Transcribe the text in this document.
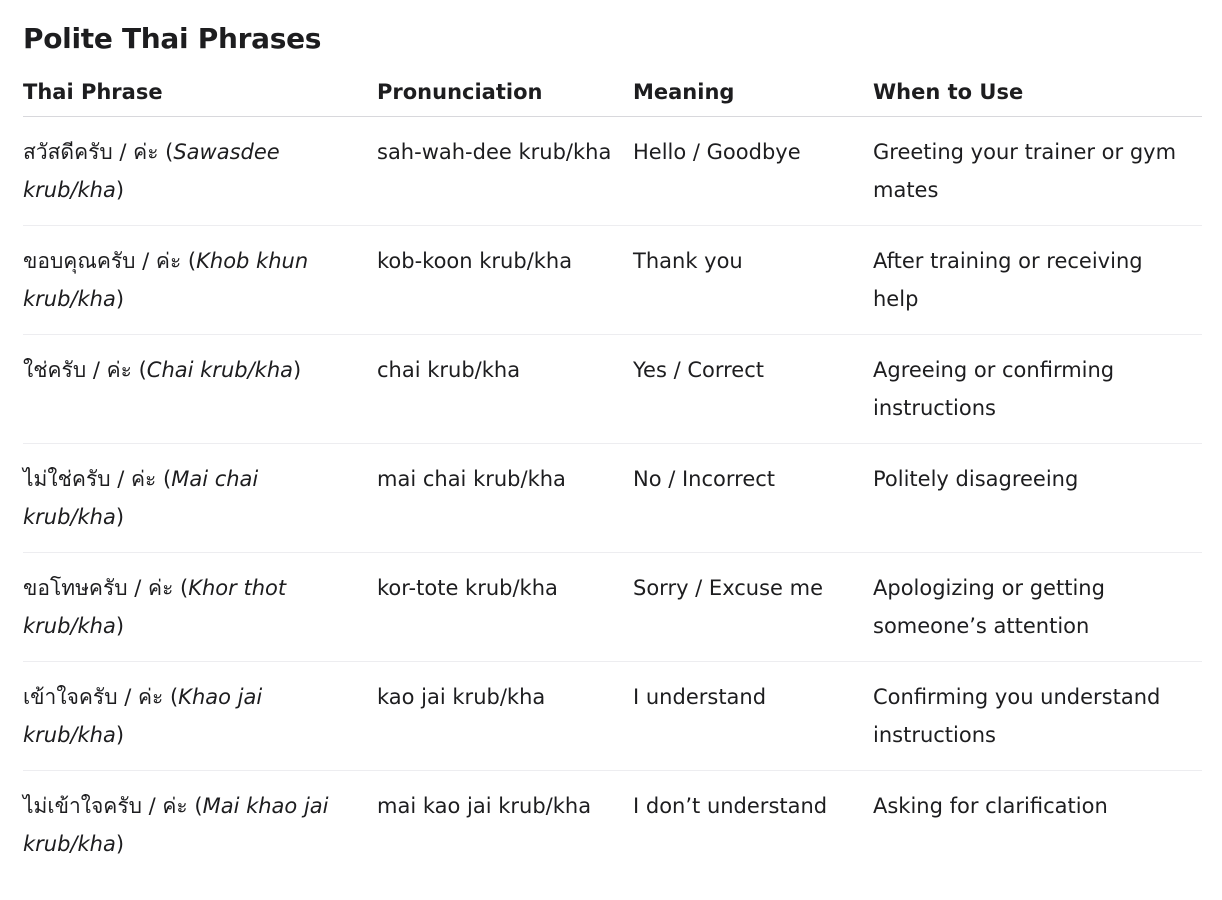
Polite Thai Phrases
Thai Phrase	Pronunciation	Meaning	When to Use
สวัสดีครับ / ค่ะ (Sawasdee krub/kha)	sah-wah-dee krub/kha	Hello / Goodbye	Greeting your trainer or gym mates
ขอบคุณครับ / ค่ะ (Khob khun krub/kha)	kob-koon krub/kha	Thank you	After training or receiving help
ใช่ครับ / ค่ะ (Chai krub/kha)	chai krub/kha	Yes / Correct	Agreeing or confirming instructions
ไม่ใช่ครับ / ค่ะ (Mai chai krub/kha)	mai chai krub/kha	No / Incorrect	Politely disagreeing
ขอโทษครับ / ค่ะ (Khor thot krub/kha)	kor-tote krub/kha	Sorry / Excuse me	Apologizing or getting someone’s attention
เข้าใจครับ / ค่ะ (Khao jai krub/kha)	kao jai krub/kha	I understand	Confirming you understand instructions
ไม่เข้าใจครับ / ค่ะ (Mai khao jai krub/kha)	mai kao jai krub/kha	I don’t understand	Asking for clarification
